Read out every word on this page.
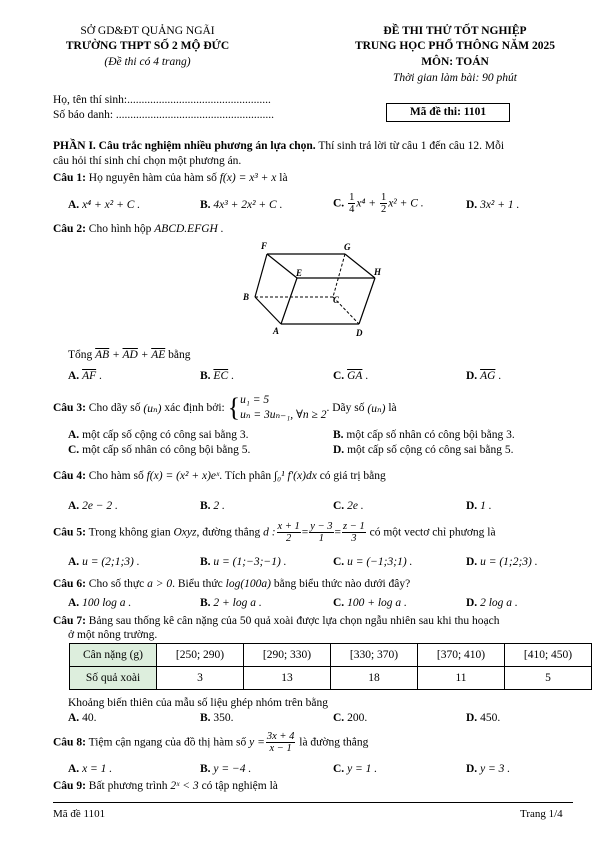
SỞ GD&ĐT QUẢNG NGÃI
TRƯỜNG THPT SỐ 2 MỘ ĐỨC
(Đề thi có 4 trang)
ĐỀ THI THỬ TỐT NGHIỆP
TRUNG HỌC PHỔ THÔNG NĂM 2025
MÔN: TOÁN
Thời gian làm bài: 90 phút
Họ, tên thí sinh:..................................................
Số báo danh: .......................................................	Mã đề thi: 1101
PHẦN I. Câu trắc nghiệm nhiều phương án lựa chọn. Thí sinh trả lời từ câu 1 đến câu 12. Mỗi
câu hỏi thí sinh chỉ chọn một phương án.
Câu 1: Họ nguyên hàm của hàm số f(x) = x³ + x là
A. x⁴ + x² + C .	B. 4x³ + 2x² + C .	C. $\frac{1}{4} x^4 + \frac{1}{2} x^2 + C$ .	D. 3x² + 1 .
Câu 2: Cho hình hộp ABCD.EFGH .
F	G
E	H
B	C
A	D
Tổng $\overline{AB} + \overline{AD} + \overline{AE}$ bằng
A. $\overline{AF}$ .	B. $\overline{EC}$ .	C. $\overline{GA}$ .	D. $\overline{AG}$ .
Câu 3: Cho dãy số (uₙ) xác định bởi: { u₁ = 5
uₙ = 3uₙ₋₁, ∀n ≥ 2
. Dãy số (uₙ) là
A. một cấp số cộng có công sai bằng 3.	B. một cấp số nhân có công bội bằng 3.
C. một cấp số nhân có công bội bằng 5.	D. một cấp số cộng có công sai bằng 5.
Câu 4: Cho hàm số f(x) = (x² + x)eˣ. Tích phân ∫₀¹ f′(x)dx có giá trị bằng
A. 2e − 2 .	B. 2 .	C. 2e .	D. 1 .
Câu 5: Trong không gian Oxyz, đường thẳng d : $\frac{x + 1}{2} = \frac{y - 3}{1} = \frac{z - 1}{3}$ có một vectơ chỉ phương là
A. u = (2;1;3) .	B. u = (1;−3;−1) .	C. u = (−1;3;1) .	D. u = (1;2;3) .
Câu 6: Cho số thực a > 0. Biểu thức log(100a) bằng biểu thức nào dưới đây?
A. 100 log a .	B. 2 + log a .	C. 100 + log a .	D. 2 log a .
Câu 7: Bảng sau thống kê cân nặng của 50 quả xoài được lựa chọn ngẫu nhiên sau khi thu hoạch
ở một nông trường.
Cân nặng (g)	[250; 290)	[290; 330)	[330; 370)	[370; 410)	[410; 450)
Số quả xoài	3	13	18	11	5
Khoảng biến thiên của mẫu số liệu ghép nhóm trên bằng
A. 40.	B. 350.	C. 200.	D. 450.
Câu 8: Tiệm cận ngang của đồ thị hàm số $y = \frac{3x + 4}{x - 1}$ là đường thẳng
A. x = 1 .	B. y = −4 .	C. y = 1 .	D. y = 3 .
Câu 9: Bất phương trình 2ˣ < 3 có tập nghiệm là
Mã đề 1101	Trang 1/4
